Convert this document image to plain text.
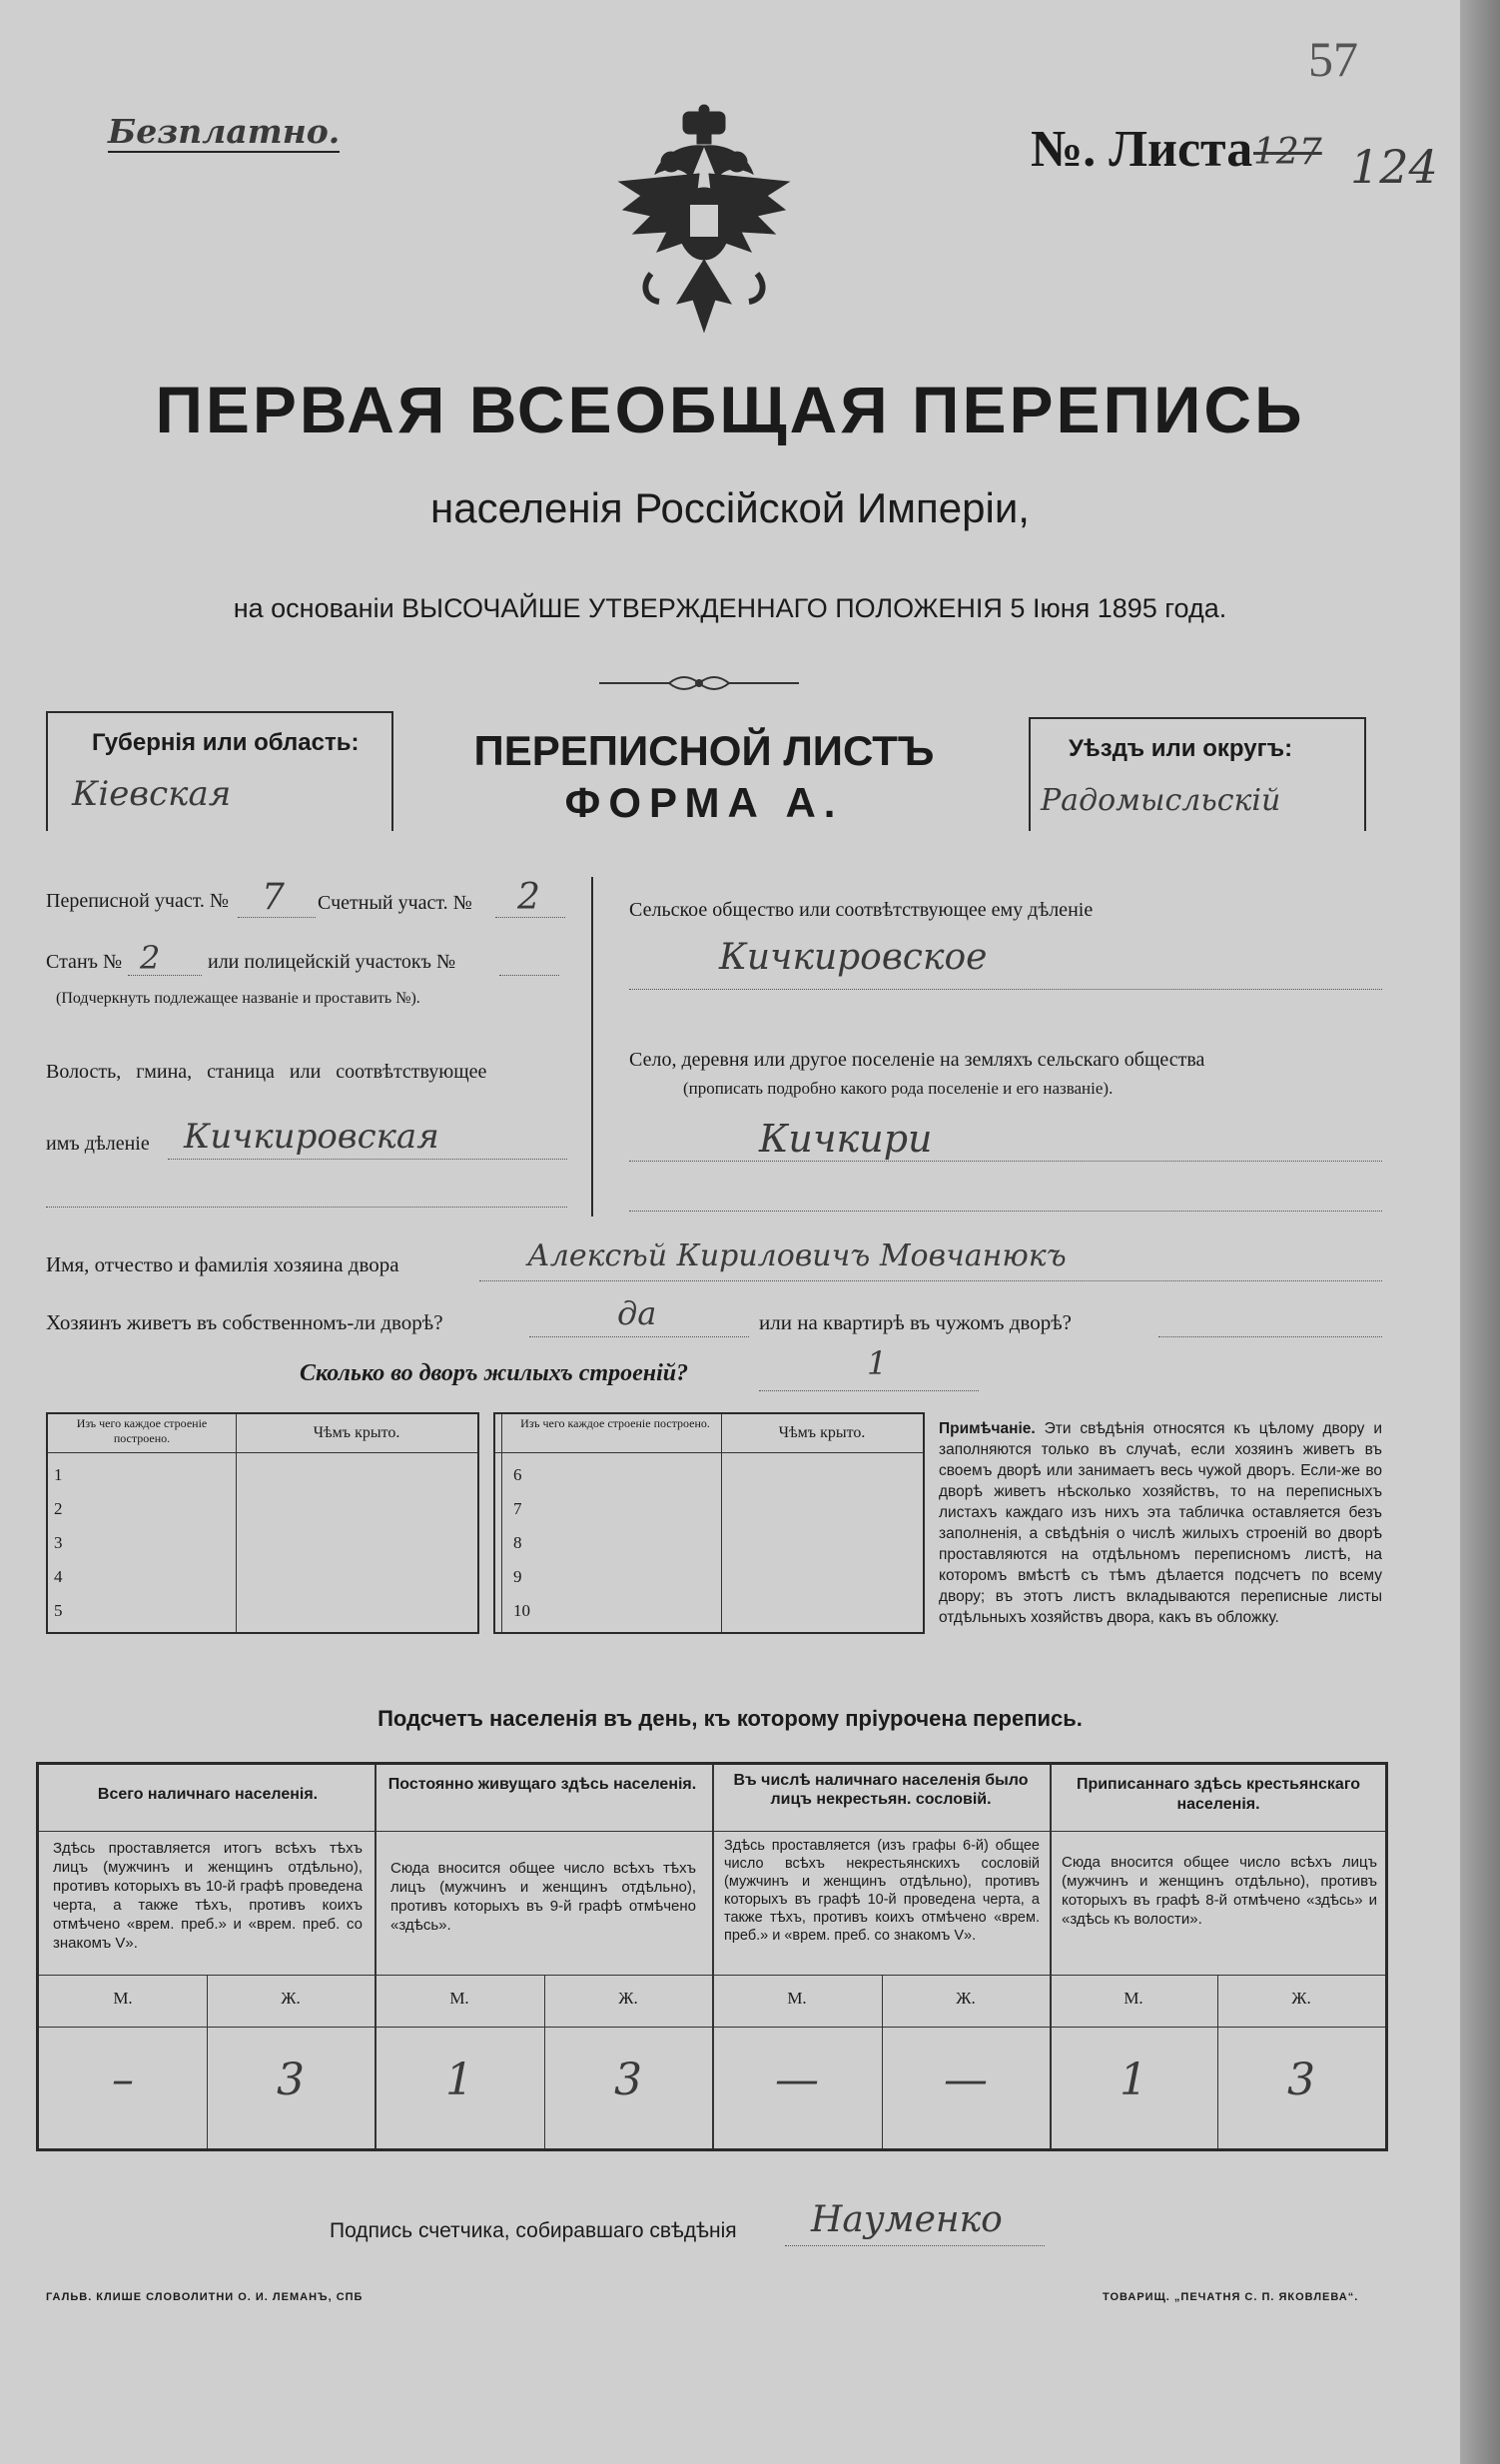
Безплатно.
57
№. Листа 127 124
ПЕРВАЯ ВСЕОБЩАЯ ПЕРЕПИСЬ
населенія Россійской Имперіи,
на основаніи ВЫСОЧАЙШЕ УТВЕРЖДЕННАГО ПОЛОЖЕНІЯ 5 Іюня 1895 года.
Губернія или область:
Кіевская
ПЕРЕПИСНОЙ ЛИСТЪ
ФОРМА А.
Уѣздъ или округъ:
Радомысльскій
Переписной участ. № 7 Счетный участ. № 2
Станъ № 2 или полицейскій участокъ №
(Подчеркнуть подлежащее названіе и проставить №).
Волость, гмина, станица или соотвѣтствующее
имъ дѣленіе Кичкировская
Сельское общество или соотвѣтствующее ему дѣленіе
Кичкировское
Село, деревня или другое поселеніе на земляхъ сельскаго общества
(прописать подробно какого рода поселеніе и его названіе).
Кичкири
Имя, отчество и фамилія хозяина двора	Алексѣй Кириловичъ Мовчанюкъ
Хозяинъ живетъ въ собственномъ-ли дворѣ?	да	или на квартирѣ въ чужомъ дворѣ?
Сколько во дворъ жилыхъ строеній?	1
Изъ чего каждое строеніе построено.	Чѣмъ крыто.
1
2
3
4
5
Изъ чего каждое строеніе построено.
Чѣмъ крыто.
6
7
8
9
10
Примѣчаніе. Эти свѣдѣнія относятся къ цѣлому двору и заполняются только въ случаѣ, если хозяинъ живетъ въ своемъ дворѣ или занимаетъ весь чужой дворъ. Если-же во дворѣ живетъ нѣсколько хозяйствъ, то на переписныхъ листахъ каждаго изъ нихъ эта табличка оставляется безъ заполненія, а свѣдѣнія о числѣ жилыхъ строеній во дворѣ проставляются на отдѣльномъ переписномъ листѣ, на которомъ вмѣстѣ съ тѣмъ дѣлается подсчетъ по всему двору; въ этотъ листъ вкладываются переписные листы отдѣльныхъ хозяйствъ двора, какъ въ обложку.
Подсчетъ населенія въ день, къ которому пріурочена перепись.
Всего наличнаго населенія.
Здѣсь проставляется итогъ всѣхъ тѣхъ лицъ (мужчинъ и женщинъ отдѣльно), противъ которыхъ въ 10-й графѣ проведена черта, а также тѣхъ, противъ коихъ отмѣчено «врем. преб.» и «врем. преб. со знакомъ V».
М.	Ж.
–	3
Постоянно живущаго здѣсь населенія.
Сюда вносится общее число всѣхъ тѣхъ лицъ (мужчинъ и женщинъ отдѣльно), противъ которыхъ въ 9-й графѣ отмѣчено «здѣсь».
М.	Ж.
1	3
Въ числѣ наличнаго населенія было лицъ некрестьян. сословій.
Здѣсь проставляется (изъ графы 6-й) общее число всѣхъ некрестьянскихъ сословій (мужчинъ и женщинъ отдѣльно), противъ которыхъ въ графѣ 10-й проведена черта, а также тѣхъ, противъ коихъ отмѣчено «врем. преб.» и «врем. преб. со знакомъ V».
М.	Ж.
—	—
Приписаннаго здѣсь крестьянскаго населенія.
Сюда вносится общее число всѣхъ лицъ (мужчинъ и женщинъ отдѣльно), противъ которыхъ въ графѣ 8-й отмѣчено «здѣсь» и «здѣсь къ волости».
М.	Ж.
1	3
Подпись счетчика, собиравшаго свѣдѣнія Науменко
ГАЛЬВ. КЛИШЕ СЛОВОЛИТНИ О. И. ЛЕМАНЪ, СПБ	ТОВАРИЩ. „ПЕЧАТНЯ С. П. ЯКОВЛЕВА“.
